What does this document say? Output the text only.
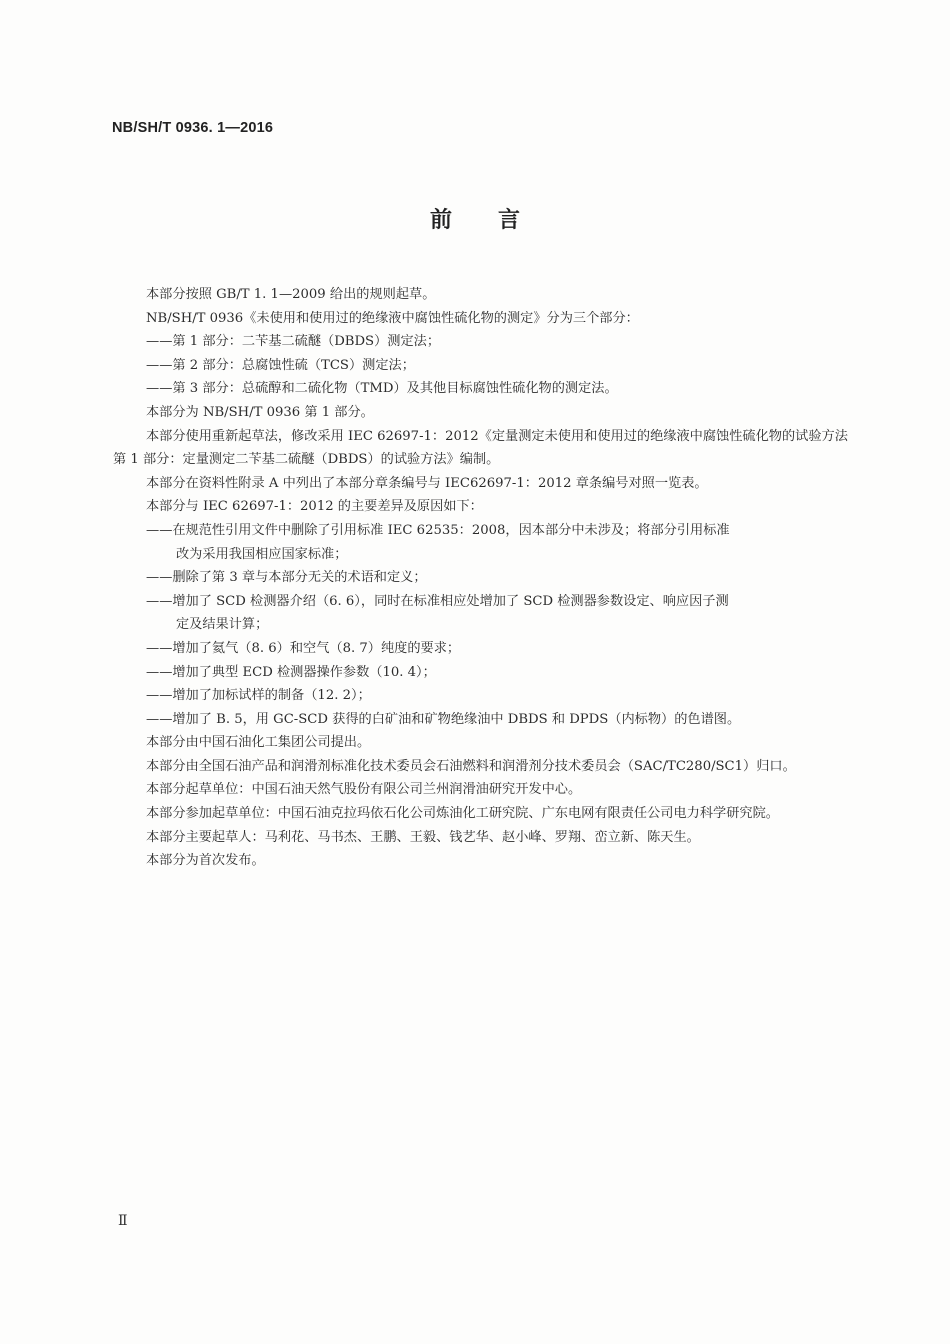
NB/SH/T 0936. 1—2016
前言

本部分按照 GB/T 1. 1—2009 给出的规则起草。

NB/SH/T 0936《未使用和使用过的绝缘液中腐蚀性硫化物的测定》分为三个部分：

——第 1 部分：二苄基二硫醚（DBDS）测定法；

——第 2 部分：总腐蚀性硫（TCS）测定法；

——第 3 部分：总硫醇和二硫化物（TMD）及其他目标腐蚀性硫化物的测定法。

本部分为 NB/SH/T 0936 第 1 部分。

本部分使用重新起草法，修改采用 IEC 62697-1：2012《定量测定未使用和使用过的绝缘液中腐蚀性硫化物的试验方法第 1 部分：定量测定二苄基二硫醚（DBDS）的试验方法》编制。

本部分在资料性附录 A 中列出了本部分章条编号与 IEC62697-1：2012 章条编号对照一览表。

本部分与 IEC 62697-1：2012 的主要差异及原因如下：

——在规范性引用文件中删除了引用标准 IEC 62535：2008，因本部分中未涉及；将部分引用标准

改为采用我国相应国家标准；

——删除了第 3 章与本部分无关的术语和定义；

——增加了 SCD 检测器介绍（6. 6），同时在标准相应处增加了 SCD 检测器参数设定、响应因子测

定及结果计算；

——增加了氦气（8. 6）和空气（8. 7）纯度的要求；

——增加了典型 ECD 检测器操作参数（10. 4）；

——增加了加标试样的制备（12. 2）；

——增加了 B. 5，用 GC-SCD 获得的白矿油和矿物绝缘油中 DBDS 和 DPDS（内标物）的色谱图。

本部分由中国石油化工集团公司提出。

本部分由全国石油产品和润滑剂标准化技术委员会石油燃料和润滑剂分技术委员会（SAC/TC280/SC1）归口。

本部分起草单位：中国石油天然气股份有限公司兰州润滑油研究开发中心。

本部分参加起草单位：中国石油克拉玛依石化公司炼油化工研究院、广东电网有限责任公司电力科学研究院。

本部分主要起草人：马利花、马书杰、王鹏、王毅、钱艺华、赵小峰、罗翔、峦立新、陈天生。

本部分为首次发布。

Ⅱ
